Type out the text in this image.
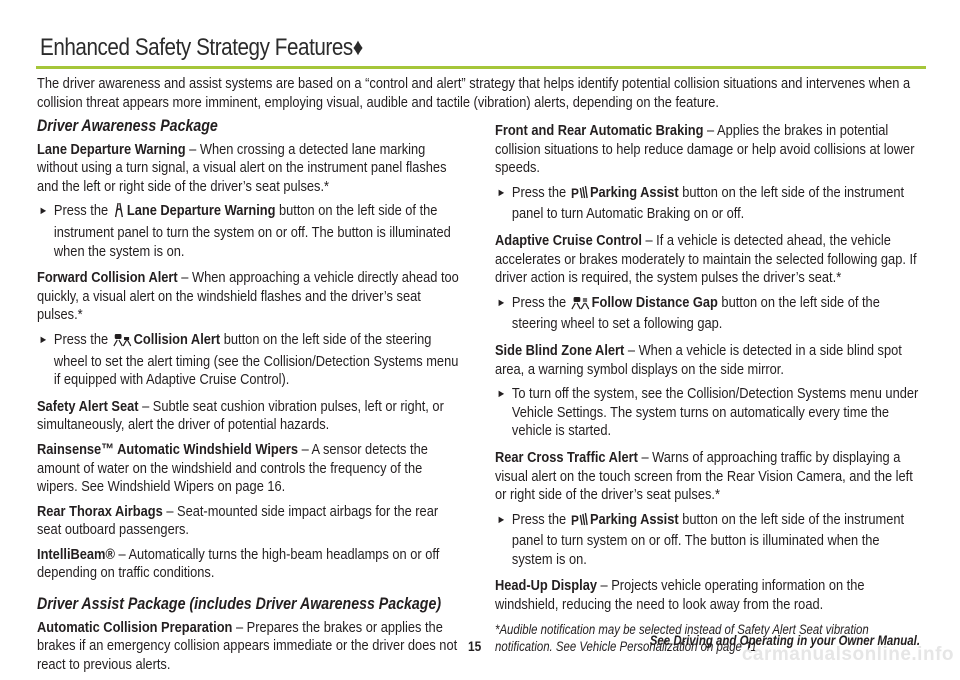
Enhanced Safety Strategy Features♦
The driver awareness and assist systems are based on a “control and alert” strategy that helps identify potential collision situations and intervenes when a collision threat appears more imminent, employing visual, audible and tactile (vibration) alerts, depending on the feature.
Driver Awareness Package
Lane Departure Warning – When crossing a detected lane marking without using a turn signal, a visual alert on the instrument panel flashes and the left or right side of the driver’s seat pulses.*
► Press the Lane Departure Warning button on the left side of the instrument panel to turn the system on or off. The button is illuminated when the system is on.
Forward Collision Alert – When approaching a vehicle directly ahead too quickly, a visual alert on the windshield flashes and the driver’s seat pulses.*
► Press the Collision Alert button on the left side of the steering wheel to set the alert timing (see the Collision/Detection Systems menu if equipped with Adaptive Cruise Control).
Safety Alert Seat – Subtle seat cushion vibration pulses, left or right, or simultaneously, alert the driver of potential hazards.
Rainsense™ Automatic Windshield Wipers – A sensor detects the amount of water on the windshield and controls the frequency of the wipers. See Windshield Wipers on page 16.
Rear Thorax Airbags – Seat-mounted side impact airbags for the rear seat outboard passengers.
IntelliBeam® – Automatically turns the high-beam headlamps on or off depending on traffic conditions.
Driver Assist Package (includes Driver Awareness Package)
Automatic Collision Preparation – Prepares the brakes or applies the brakes if an emergency collision appears immediate or the driver does not react to previous alerts.
Front and Rear Automatic Braking – Applies the brakes in potential collision situations to help reduce damage or help avoid collisions at lower speeds.
► Press the P Parking Assist button on the left side of the instrument panel to turn Automatic Braking on or off.
Adaptive Cruise Control – If a vehicle is detected ahead, the vehicle accelerates or brakes moderately to maintain the selected following gap. If driver action is required, the system pulses the driver’s seat.*
► Press the Follow Distance Gap button on the left side of the steering wheel to set a following gap.
Side Blind Zone Alert – When a vehicle is detected in a side blind spot area, a warning symbol displays on the side mirror.
► To turn off the system, see the Collision/Detection Systems menu under Vehicle Settings. The system turns on automatically every time the vehicle is started.
Rear Cross Traffic Alert – Warns of approaching traffic by displaying a visual alert on the touch screen from the Rear Vision Camera, and the left or right side of the driver’s seat pulses.*
► Press the P Parking Assist button on the left side of the instrument panel to turn system on or off. The button is illuminated when the system is on.
Head-Up Display – Projects vehicle operating information on the windshield, reducing the need to look away from the road.
*Audible notification may be selected instead of Safety Alert Seat vibration notification. See Vehicle Personalization on page 11.
15	See Driving and Operating in your Owner Manual.
carmanualsonline.info
